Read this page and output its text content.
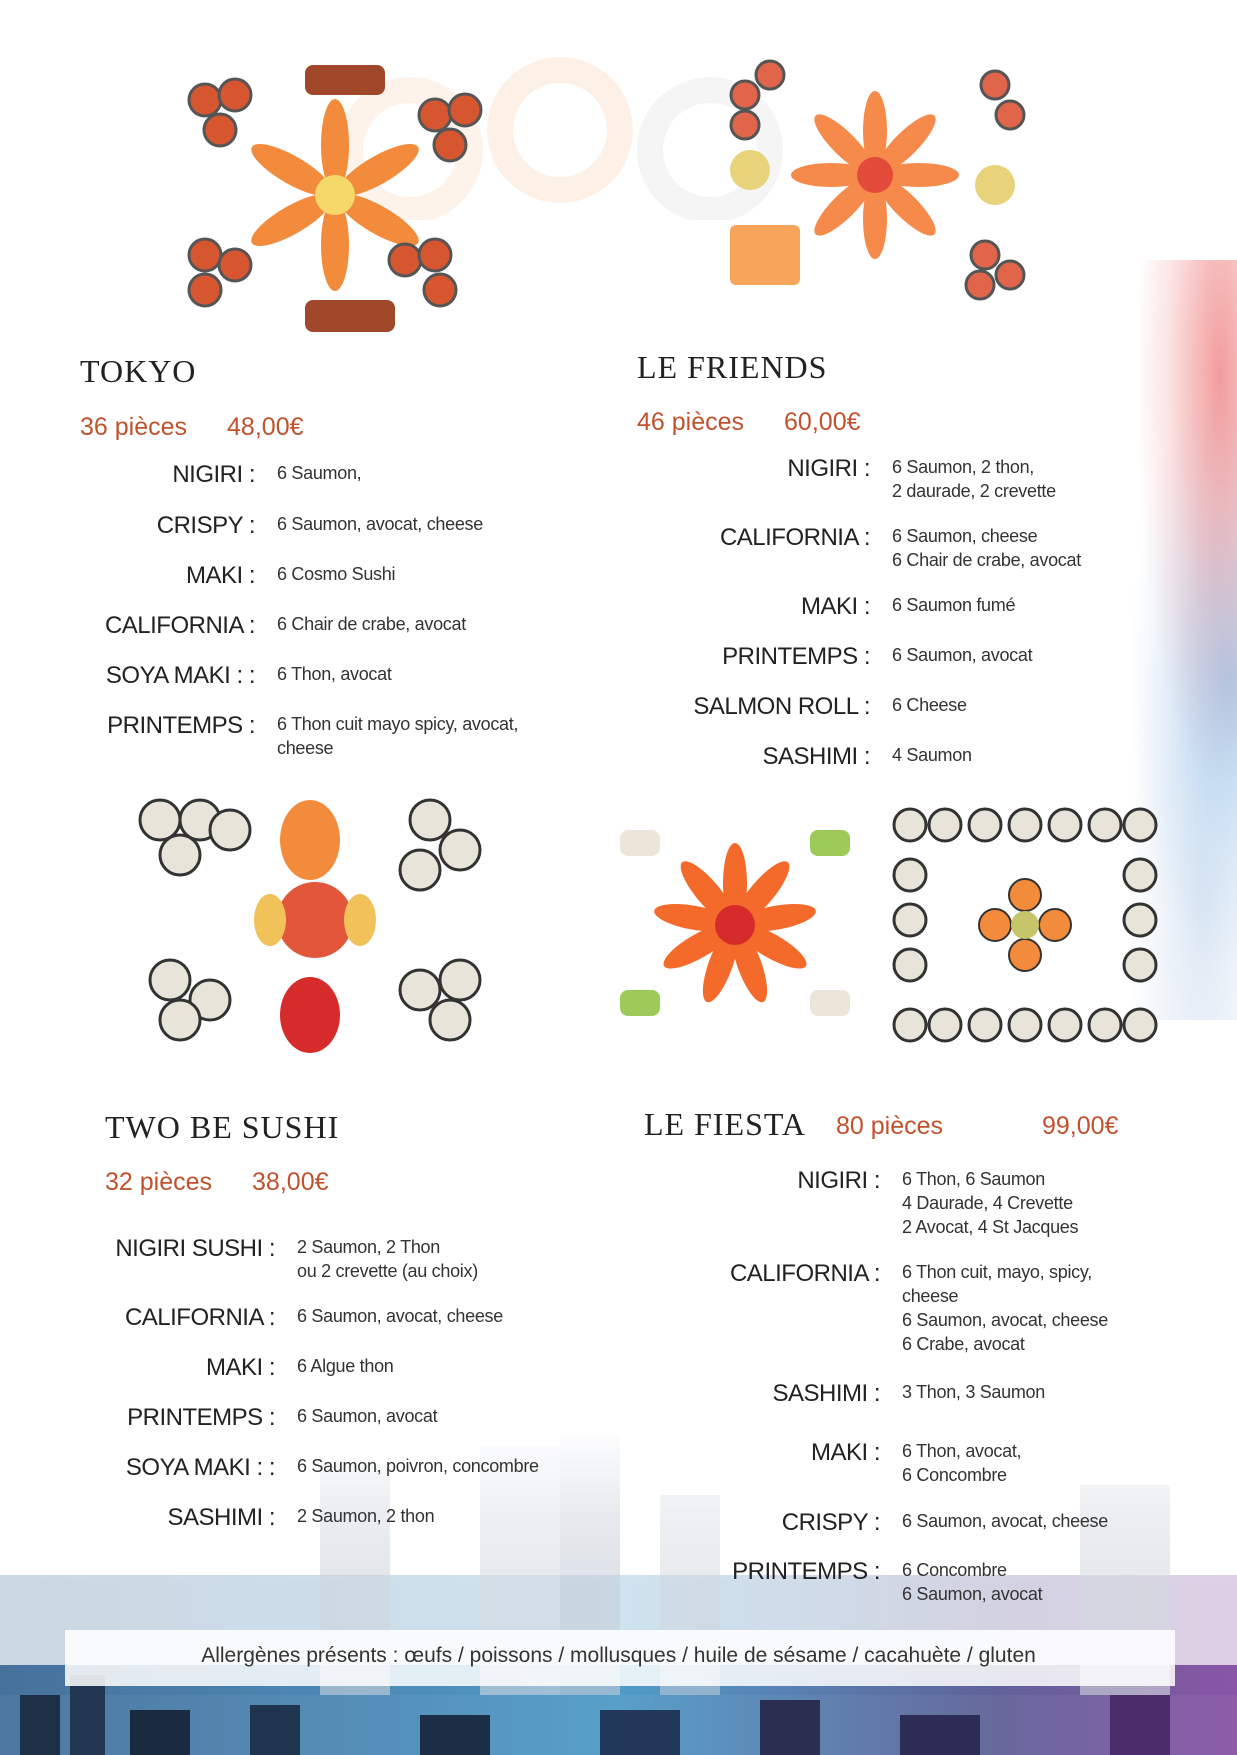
TOKYO
36 pièces 48,00€
NIGIRI : 6 Saumon,
CRISPY : 6 Saumon, avocat, cheese
MAKI : 6 Cosmo Sushi
CALIFORNIA : 6 Chair de crabe, avocat
SOYA MAKI : : 6 Thon, avocat
PRINTEMPS : 6 Thon cuit mayo spicy, avocat,
cheese
LE FRIENDS
46 pièces 60,00€
NIGIRI : 6 Saumon, 2 thon,
2 daurade, 2 crevette
CALIFORNIA : 6 Saumon, cheese
6 Chair de crabe, avocat
MAKI : 6 Saumon fumé
PRINTEMPS : 6 Saumon, avocat
SALMON ROLL : 6 Cheese
SASHIMI : 4 Saumon
TWO BE SUSHI
32 pièces 38,00€
NIGIRI SUSHI : 2 Saumon, 2 Thon
ou 2 crevette (au choix)
CALIFORNIA : 6 Saumon, avocat, cheese
MAKI : 6 Algue thon
PRINTEMPS : 6 Saumon, avocat
SOYA MAKI : : 6 Saumon, poivron, concombre
SASHIMI : 2 Saumon, 2 thon
LE FIESTA 80 pièces	99,00€
NIGIRI : 6 Thon, 6 Saumon
4 Daurade, 4 Crevette
2 Avocat, 4 St Jacques
CALIFORNIA : 6 Thon cuit, mayo, spicy,
cheese
6 Saumon, avocat, cheese
6 Crabe, avocat
SASHIMI : 3 Thon, 3 Saumon
MAKI : 6 Thon, avocat,
6 Concombre
CRISPY : 6 Saumon, avocat, cheese
PRINTEMPS : 6 Concombre
6 Saumon, avocat
Allergènes présents : œufs / poissons / mollusques / huile de sésame / cacahuète / gluten
